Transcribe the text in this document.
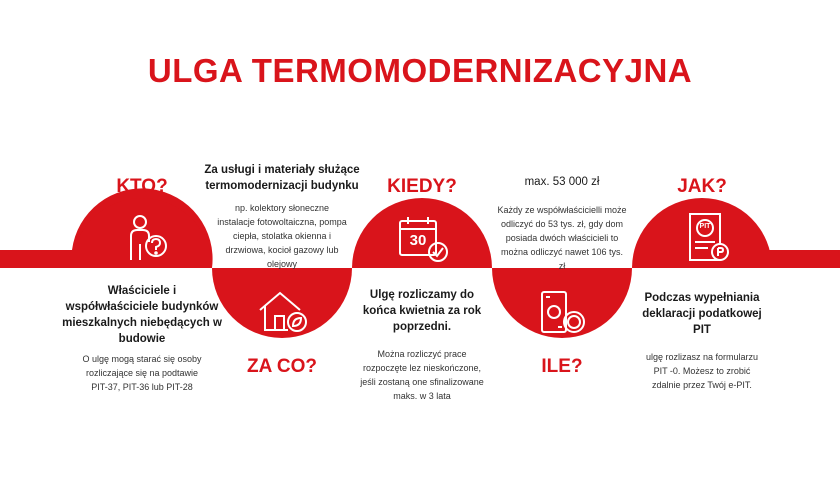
ULGA TERMOMODERNIZACYJNA
KTO?
Właściciele i współwłaściciele budynków mieszkalnych niebędących w budowie
O ulgę mogą starać się osoby rozliczające się na podtawie PIT-37, PIT-36 lub PIT-28
Za usługi i materiały służące termomodernizacji budynku
np. kolektory słoneczne instalacje fotowoltaiczna, pompa ciepła, stolatka okienna i drzwiowa, kocioł gazowy lub olejowy
ZA CO?
KIEDY?
30
Ulgę rozliczamy do końca kwietnia za rok poprzedni.
Można rozliczyć prace rozpoczęte lez nieskończone, jeśli zostaną one sfinalizowane maks. w 3 lata
max. 53 000 zł
Każdy ze współwłaścicielli może odliczyć do 53 tys. zł, gdy dom posiada dwóch właścicieli to można odliczyć nawet 106 tys. zł
ILE?
JAK?
PIT
Podczas wypełniania deklaracji podatkowej PIT
ulgę rozlizasz na formularzu PIT -0. Możesz to zrobić zdalnie przez Twój e-PIT.
